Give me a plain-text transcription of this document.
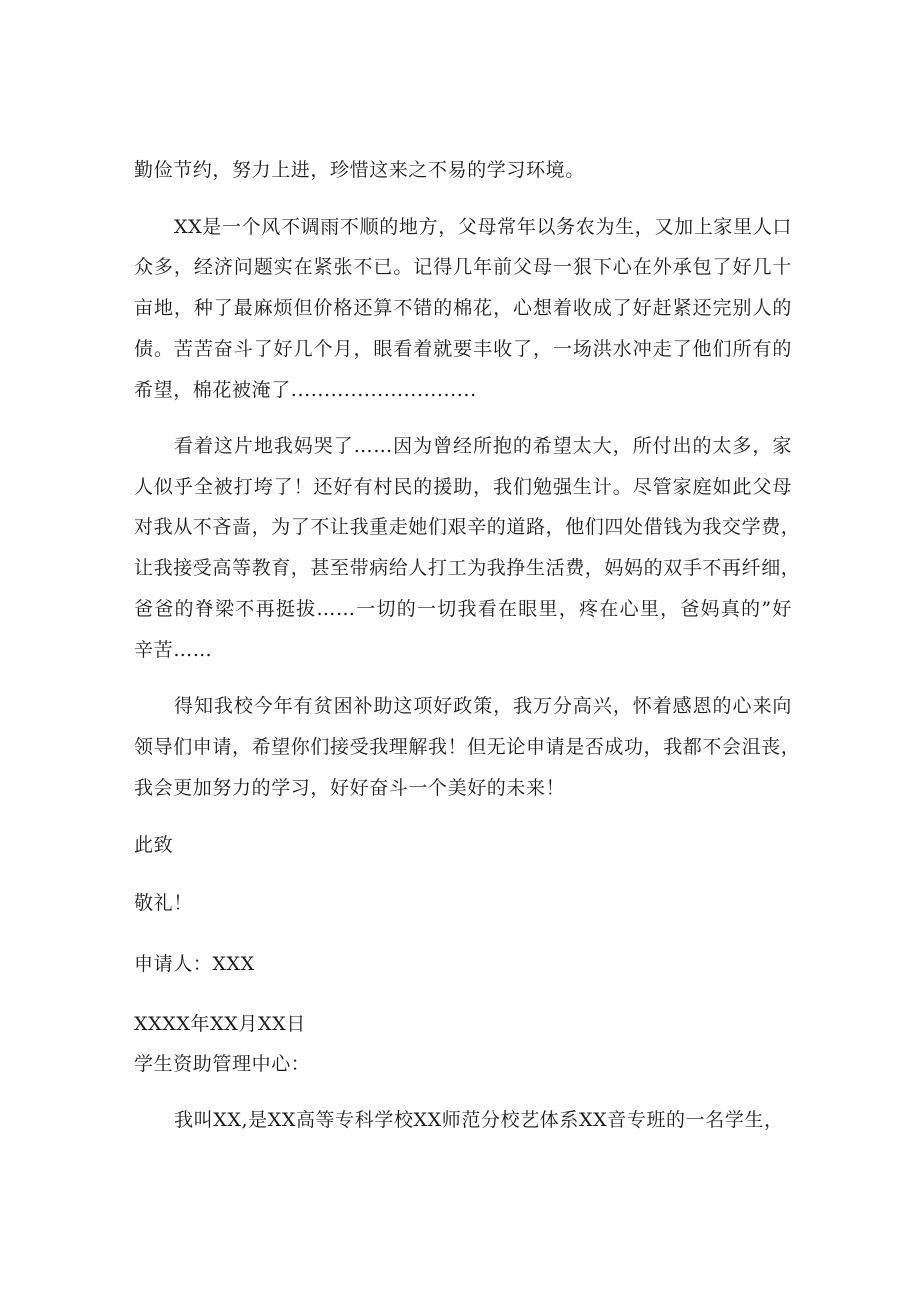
勤俭节约，努力上进，珍惜这来之不易的学习环境。
XX是一个风不调雨不顺的地方，父母常年以务农为生，又加上家里人口
众多，经济问题实在紧张不已。记得几年前父母一狠下心在外承包了好几十
亩地，种了最麻烦但价格还算不错的棉花，心想着收成了好赶紧还完别人的
债。苦苦奋斗了好几个月，眼看着就要丰收了，一场洪水冲走了他们所有的
希望，棉花被淹了............................
看着这片地我妈哭了……因为曾经所抱的希望太大，所付出的太多，家
人似乎全被打垮了！还好有村民的援助，我们勉强生计。尽管家庭如此父母
对我从不吝啬，为了不让我重走她们艰辛的道路，他们四处借钱为我交学费，
让我接受高等教育，甚至带病给人打工为我挣生活费，妈妈的双手不再纤细，
爸爸的脊梁不再挺拔……一切的一切我看在眼里，疼在心里，爸妈真的”好
辛苦……
得知我校今年有贫困补助这项好政策，我万分高兴，怀着感恩的心来向
领导们申请，希望你们接受我理解我！但无论申请是否成功，我都不会沮丧，
我会更加努力的学习，好好奋斗一个美好的未来！
此致
敬礼！
申请人：XXX
XXXX年XX月XX日
学生资助管理中心：
我叫XX,是XX高等专科学校XX师范分校艺体系XX音专班的一名学生，
